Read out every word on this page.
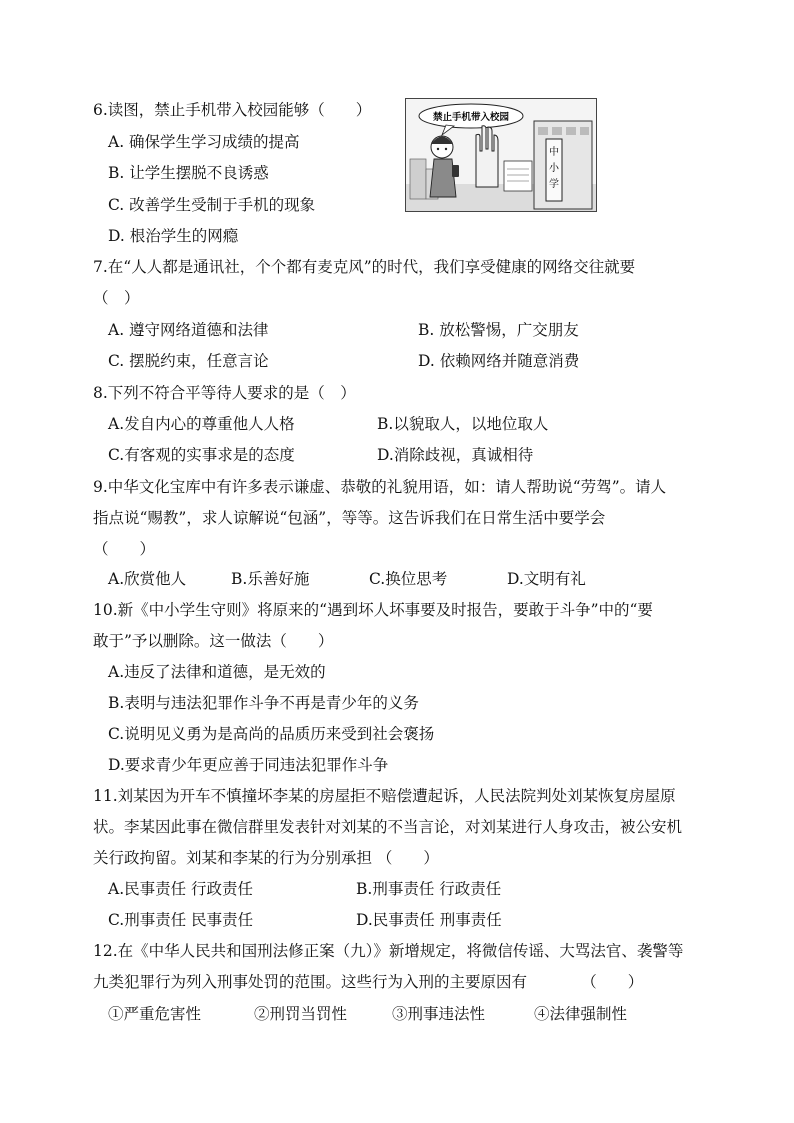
6.读图，禁止手机带入校园能够（　　）
A. 确保学生学习成绩的提高
B. 让学生摆脱不良诱惑
C. 改善学生受制于手机的现象
D. 根治学生的网瘾
中
小
学
禁止手机带入校园
7.在“人人都是通讯社，个个都有麦克风”的时代，我们享受健康的网络交往就要
（　）
A. 遵守网络道德和法律	B. 放松警惕，广交朋友
C. 摆脱约束，任意言论	D. 依赖网络并随意消费
8.下列不符合平等待人要求的是（　）
A.发自内心的尊重他人人格	B.以貌取人，以地位取人
C.有客观的实事求是的态度	D.消除歧视，真诚相待
9.中华文化宝库中有许多表示谦虚、恭敬的礼貌用语，如：请人帮助说“劳驾”。请人
指点说“赐教”，求人谅解说“包涵”，等等。这告诉我们在日常生活中要学会
（　　）
A.欣赏他人	B.乐善好施	C.换位思考	D.文明有礼
10.新《中小学生守则》将原来的“遇到坏人坏事要及时报告，要敢于斗争”中的“要
敢于”予以删除。这一做法（　　）
A.违反了法律和道德，是无效的
B.表明与违法犯罪作斗争不再是青少年的义务
C.说明见义勇为是高尚的品质历来受到社会褒扬
D.要求青少年更应善于同违法犯罪作斗争
11.刘某因为开车不慎撞坏李某的房屋拒不赔偿遭起诉，人民法院判处刘某恢复房屋原
状。李某因此事在微信群里发表针对刘某的不当言论，对刘某进行人身攻击，被公安机
关行政拘留。刘某和李某的行为分别承担 （　　）
A.民事责任 行政责任	B.刑事责任 行政责任
C.刑事责任 民事责任	D.民事责任 刑事责任
12.在《中华人民共和国刑法修正案（九）》新增规定，将微信传谣、大骂法官、袭警等
九类犯罪行为列入刑事处罚的范围。这些行为入刑的主要原因有　　　　（　　）
①严重危害性	②刑罚当罚性	③刑事违法性	④法律强制性
